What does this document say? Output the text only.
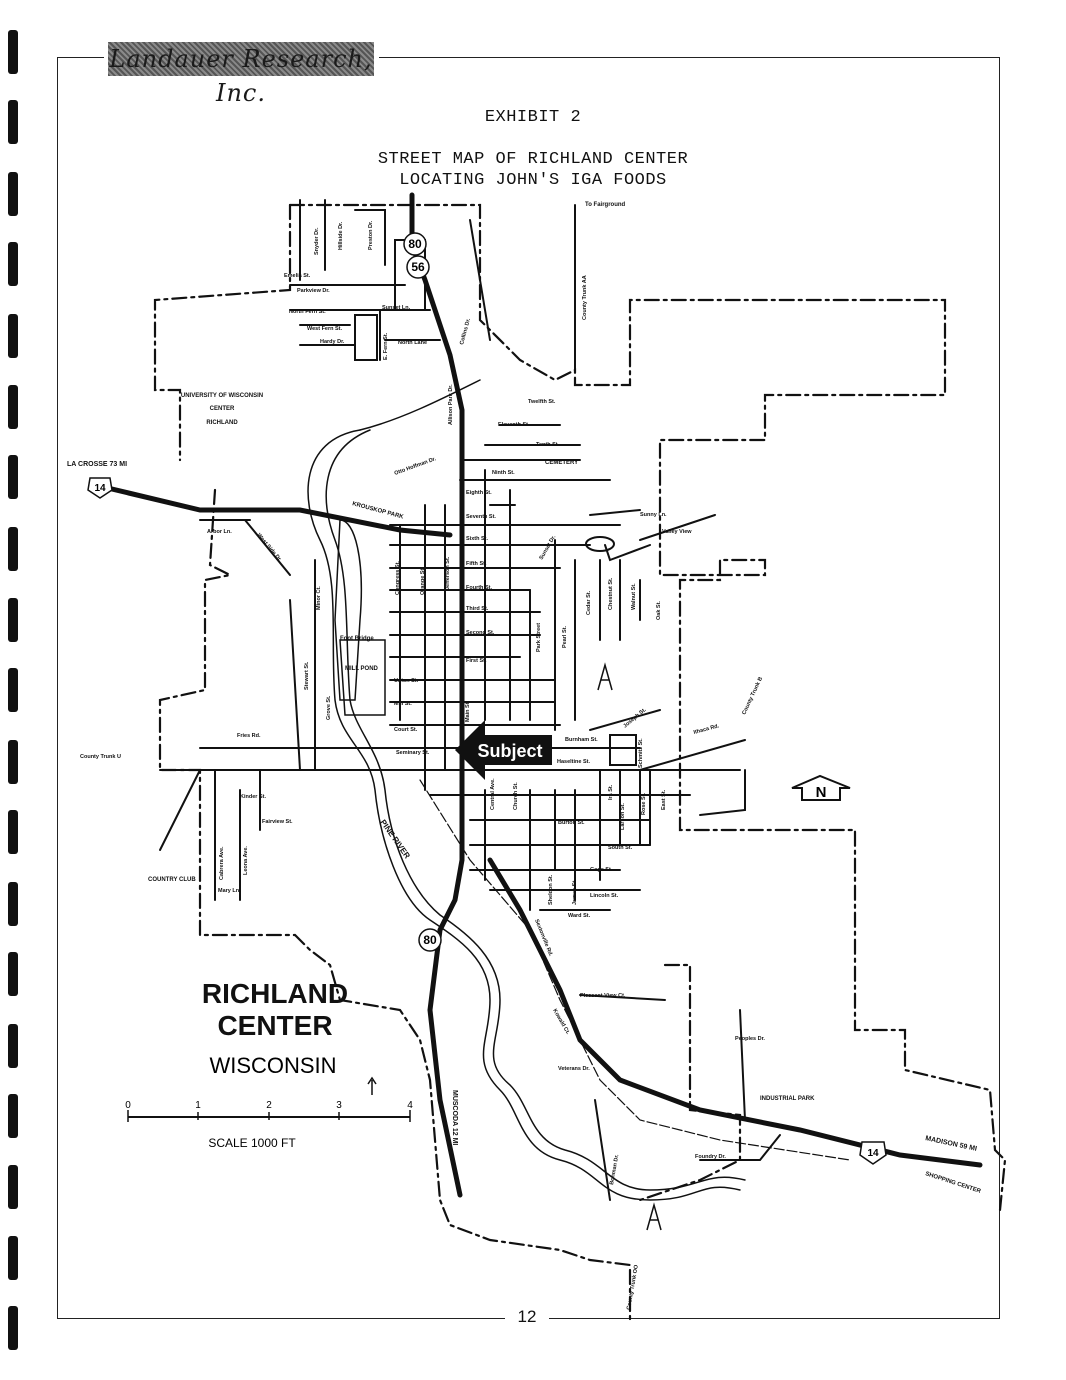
Landauer Research, Inc.
EXHIBIT 2
STREET MAP OF RICHLAND CENTER
LOCATING JOHN'S IGA FOODS
80
56
14
80
14
Subject
N
RICHLAND
CENTER
WISCONSIN
0	1	2	3	4
SCALE 1000 FT
UNIVERSITY OF WISCONSIN
CENTER
RICHLAND
CEMETERY
KROUSKOP PARK
MILL POND
Foot Bridge
PINE RIVER
INDUSTRIAL PARK
SHOPPING CENTER
COUNTRY CLUB
To Fairground
LA CROSSE 73 MI
MADISON 59 MI
MUSCODA 12 MI
Emelia St.
Parkview Dr.
Sunset Ln.
North Fern St.
West Fern St.
Hardy Dr.	North Lane
Twelfth St.
Eleventh St.
Tenth St.
Ninth St.
Eighth St.
Seventh St.
Sixth St.
Fifth St.
Fourth St.
Third St.
Second St.
First St.
Union St.
Mill St.
Court St.
Seminary St.
Haseltine St.
Burnham St.
Kinder St.
Fairview St.	Burton St.
South St.
Gage St.
Lincoln St.
Ward St.
Pleasant View Ct.
Peoples Dr.
Foundry Dr.
Arbor Ln.
Fries Rd.
County Trunk U
Sunny Ln.
Valley View
Ithaca Rd.
Veterans Dr.
Mary Ln.
Snyder Dr.	Hillside Dr.	Preston Dr.
E. Fern St.
Collins Dr.
Allison Park Dr.
County Trunk AA
Congress St.	Orange St.	Jefferson St.
Main St.
Church St.
Central Ave.
Park Street	Pearl St.
Cedar St.	Chestnut St.	Walnut St.
Oak St.
Minor Ct.
Stewart St.
Grove St.
West Side Dr.
Otto Hoffman Dr.
Sunset Dr.
Schmitz St.
Joseph St.
Ira St.
Larson St.	Rose St.	East St.
Sheldon St.	James St.
Sextonville Rd.
Kowald Ct.
Bohman Dr.
Cabrera Ave.	Leona Ave.
County Trunk B
County Trunk OO
12
